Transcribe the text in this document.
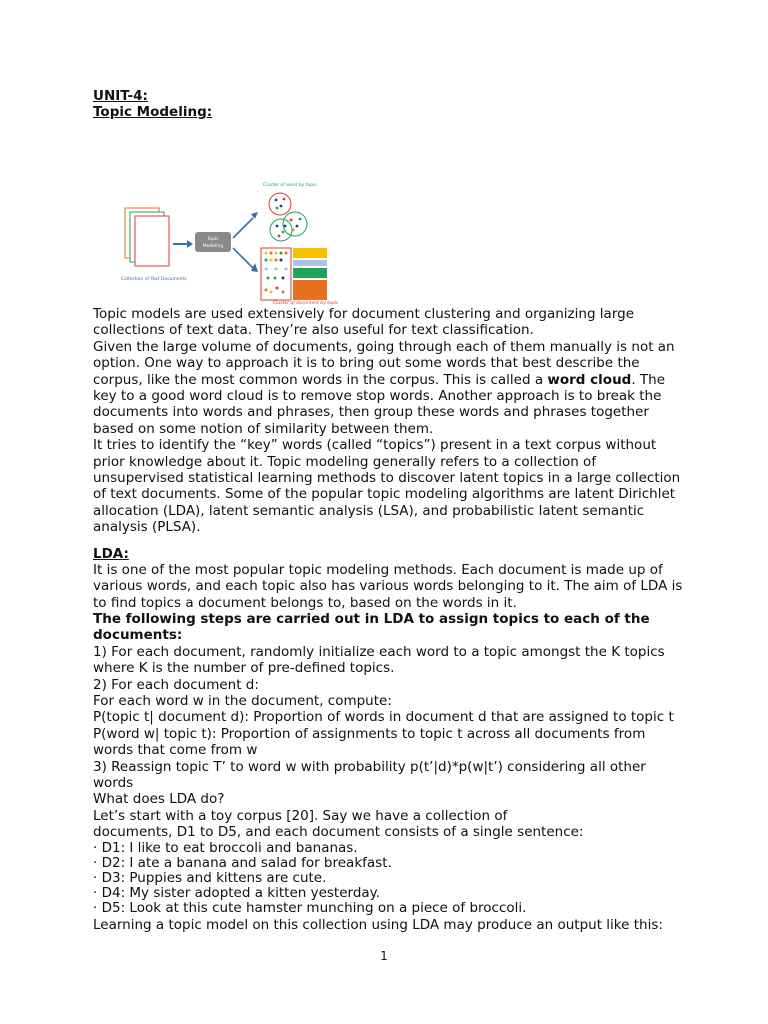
UNIT-4:

Topic Modeling:

Collection of Text Documents
Topic
Modeling
Cluster of word by topic
Cluster of document by topic

Topic models are used extensively for document clustering and organizing large collections of text data. They’re also useful for text classification.

Given the large volume of documents, going through each of them manually is not an option. One way to approach it is to bring out some words that best describe the corpus, like the most common words in the corpus. This is called a word cloud. The key to a good word cloud is to remove stop words. Another approach is to break the documents into words and phrases, then group these words and phrases together based on some notion of similarity between them.

It tries to identify the “key” words (called “topics”) present in a text corpus without prior knowledge about it. Topic modeling generally refers to a collection of unsupervised statistical learning methods to discover latent topics in a large collection of text documents. Some of the popular topic modeling algorithms are latent Dirichlet allocation (LDA), latent semantic analysis (LSA), and probabilistic latent semantic analysis (PLSA).

LDA:

It is one of the most popular topic modeling methods. Each document is made up of various words, and each topic also has various words belonging to it. The aim of LDA is to find topics a document belongs to, based on the words in it.

The following steps are carried out in LDA to assign topics to each of the documents:

1) For each document, randomly initialize each word to a topic amongst the K topics where K is the number of pre-defined topics.

2) For each document d:

For each word w in the document, compute:

P(topic t| document d): Proportion of words in document d that are assigned to topic t

P(word w| topic t): Proportion of assignments to topic t across all documents from words that come from w

3) Reassign topic T’ to word w with probability p(t’|d)*p(w|t’) considering all other words

What does LDA do?

Let’s start with a toy corpus [20]. Say we have a collection of

documents, D1 to D5, and each document consists of a single sentence:

· D1: I like to eat broccoli and bananas.

· D2: I ate a banana and salad for breakfast.

· D3: Puppies and kittens are cute.

· D4: My sister adopted a kitten yesterday.

· D5: Look at this cute hamster munching on a piece of broccoli.

Learning a topic model on this collection using LDA may produce an output like this:

1
